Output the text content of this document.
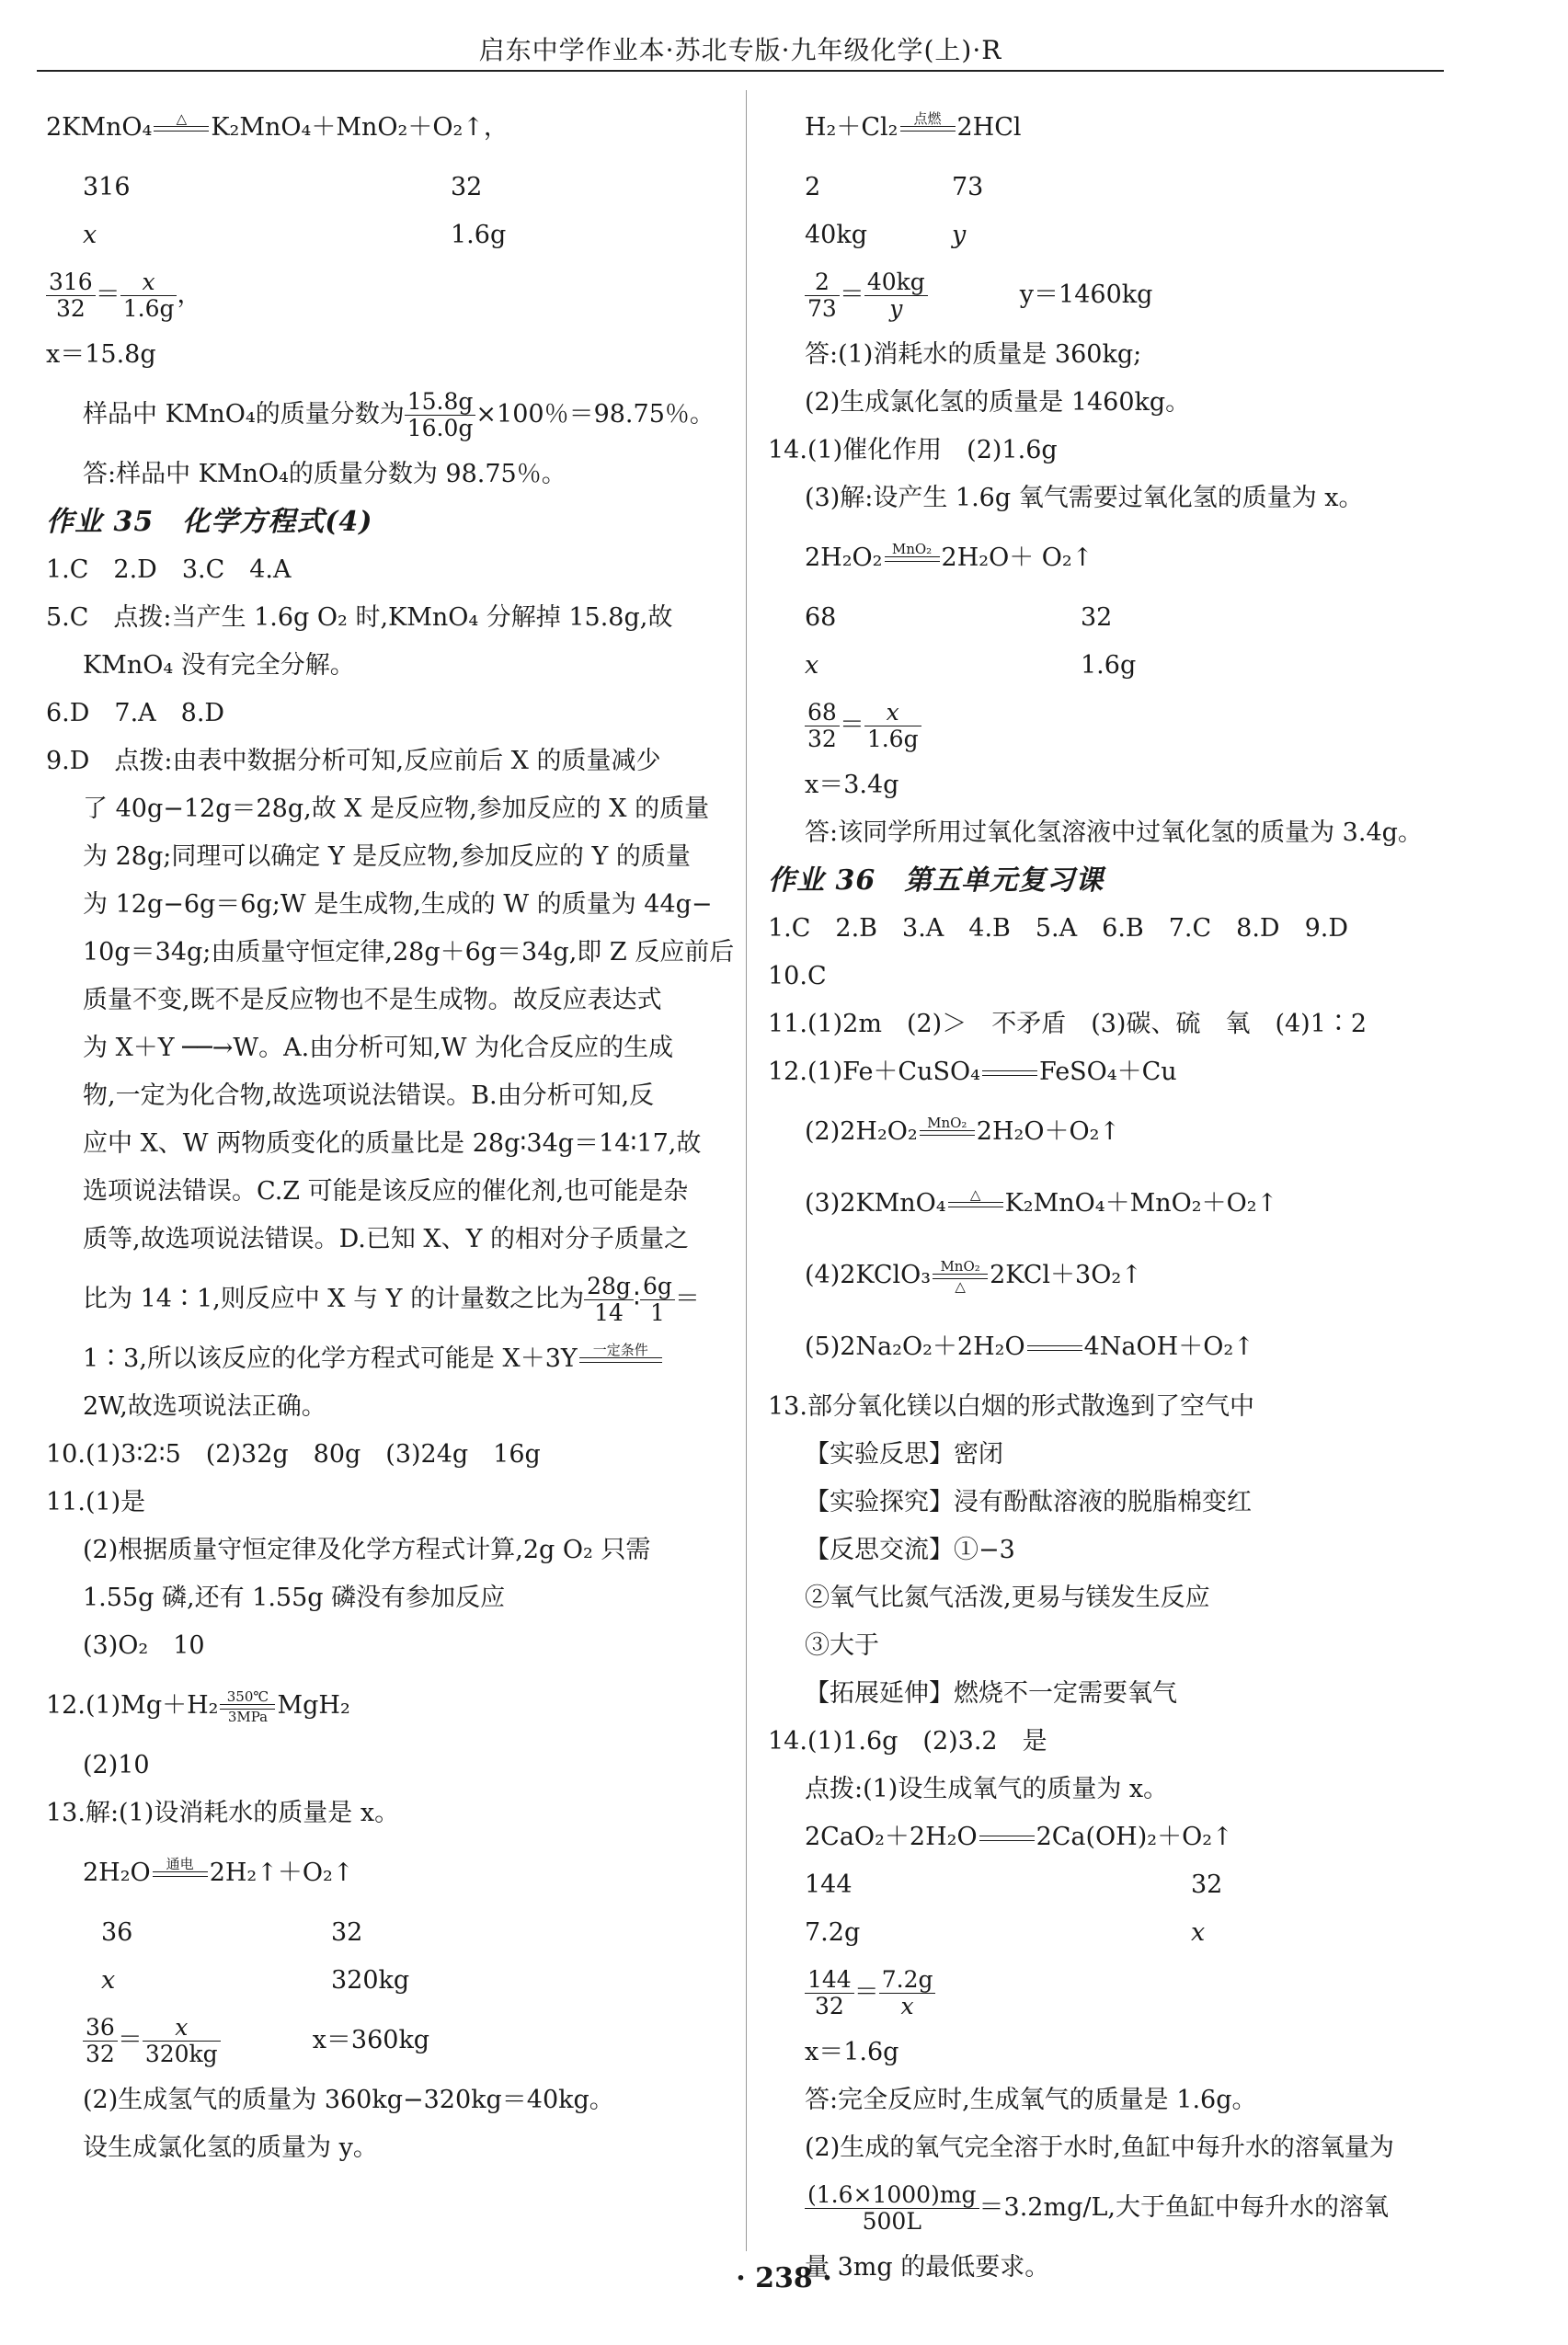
启东中学作业本·苏北专版·九年级化学(上)·R
2KMnO₄	△
K₂MnO₄＋MnO₂＋O₂↑，
316	32
x	1.6g
$\frac{316}{32} = \frac{x}{1.6g}$ ，
x＝15.8g
样品中 KMnO₄的质量分数为 $\frac{15.8g}{16.0g} \times 100$％＝98.75％。
答:样品中 KMnO₄的质量分数为 98.75％。
作业 35　化学方程式(4)
1.C　2.D　3.C　4.A
5.C　点拨:当产生 1.6g O₂ 时,KMnO₄ 分解掉 15.8g,故
KMnO₄ 没有完全分解。
6.D　7.A　8.D
9.D　点拨:由表中数据分析可知,反应前后 X 的质量减少
了 40g−12g＝28g,故 X 是反应物,参加反应的 X 的质量
为 28g;同理可以确定 Y 是反应物,参加反应的 Y 的质量
为 12g−6g＝6g;W 是生成物,生成的 W 的质量为 44g−
10g＝34g;由质量守恒定律,28g＋6g＝34g,即 Z 反应前后
质量不变,既不是反应物也不是生成物。故反应表达式
为 X＋Y ──→W。A.由分析可知,W 为化合反应的生成
物,一定为化合物,故选项说法错误。B.由分析可知,反
应中 X、W 两物质变化的质量比是 28g∶34g＝14∶17,故
选项说法错误。C.Z 可能是该反应的催化剂,也可能是杂
质等,故选项说法错误。D.已知 X、Y 的相对分子质量之
比为 14∶1,则反应中 X 与 Y 的计量数之比为 $\frac{28g}{14}$ ∶ $\frac{6g}{1}$ ＝
1∶3,所以该反应的化学方程式可能是 X＋3Y	一定条件

2W,故选项说法正确。
10.(1)3∶2∶5　(2)32g　80g　(3)24g　16g
11.(1)是
(2)根据质量守恒定律及化学方程式计算,2g O₂ 只需
1.55g 磷,还有 1.55g 磷没有参加反应
(3)O₂　10
12.(1)Mg＋H₂ 350℃
3MPa MgH₂
(2)10
13.解:(1)设消耗水的质量是 x。
2H₂O	通电
2H₂↑＋O₂↑
36	32
x	320kg
$\frac{36}{32} = \frac{x}{320kg}$	x＝360kg
(2)生成氢气的质量为 360kg−320kg＝40kg。
设生成氯化氢的质量为 y。
H₂＋Cl₂	点燃
2HCl
2	73
40kg	y
$\frac{2}{73} = \frac{40kg}{y}$	y＝1460kg
答:(1)消耗水的质量是 360kg;
(2)生成氯化氢的质量是 1460kg。
14.(1)催化作用　(2)1.6g
(3)解:设产生 1.6g 氧气需要过氧化氢的质量为 x。
2H₂O₂ MnO₂
2H₂O＋ O₂↑
68	32
x	1.6g
$\frac{68}{32} = \frac{x}{1.6g}$
x＝3.4g
答:该同学所用过氧化氢溶液中过氧化氢的质量为 3.4g。
作业 36　第五单元复习课
1.C　2.B　3.A　4.B　5.A　6.B　7.C　8.D　9.D
10.C
11.(1)2m　(2)＞　不矛盾　(3)碳、硫　氧　(4)1∶2
12.(1)Fe＋CuSO₄

FeSO₄＋Cu
(2)2H₂O₂ MnO₂
2H₂O＋O₂↑
(3)2KMnO₄	△
K₂MnO₄＋MnO₂＋O₂↑
(4)2KClO₃ MnO₂
△ 2KCl＋3O₂↑
(5)2Na₂O₂＋2H₂O

4NaOH＋O₂↑
13.部分氧化镁以白烟的形式散逸到了空气中
【实验反思】密闭
【实验探究】浸有酚酞溶液的脱脂棉变红
【反思交流】①−3
②氧气比氮气活泼,更易与镁发生反应
③大于
【拓展延伸】燃烧不一定需要氧气
14.(1)1.6g　(2)3.2　是
点拨:(1)设生成氧气的质量为 x。
2CaO₂＋2H₂O

2Ca(OH)₂＋O₂↑
144	32
7.2g	x
$\frac{144}{32} = \frac{7.2g}{x}$
x＝1.6g
答:完全反应时,生成氧气的质量是 1.6g。
(2)生成的氧气完全溶于水时,鱼缸中每升水的溶氧量为
$\frac{(1.6\times 1000)mg}{500L} =3.2mg/L$,大于鱼缸中每升水的溶氧
量 3mg 的最低要求。
· 238 ·
